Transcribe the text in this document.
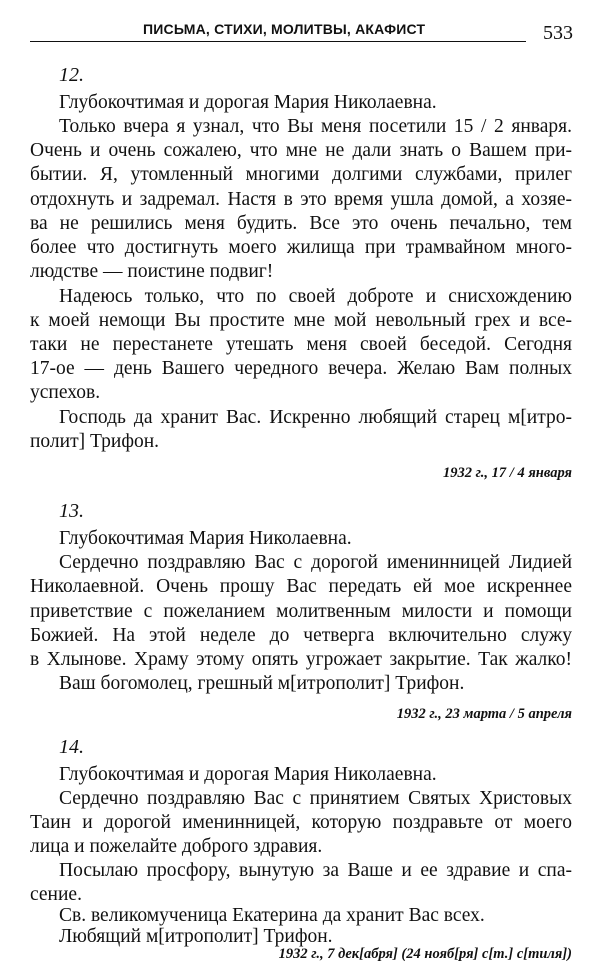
ПИСЬМА, СТИХИ, МОЛИТВЫ, АКАФИСТ	533
12.
Глубокочтимая и дорогая Мария Николаевна.
Только вчера я узнал, что Вы меня посетили 15 / 2 января.
Очень и очень сожалею, что мне не дали знать о Вашем при-
бытии. Я, утомленный многими долгими службами, прилег
отдохнуть и задремал. Настя в это время ушла домой, а хозяе-
ва не решились меня будить. Все это очень печально, тем
более что достигнуть моего жилища при трамвайном много-
людстве — поистине подвиг!
Надеюсь только, что по своей доброте и снисхождению
к моей немощи Вы простите мне мой невольный грех и все-
таки не перестанете утешать меня своей беседой. Сегодня
17-ое — день Вашего чередного вечера. Желаю Вам полных
успехов.
Господь да хранит Вас. Искренно любящий старец м[итро-
полит] Трифон.
1932 г., 17 / 4 января
13.
Глубокочтимая Мария Николаевна.
Сердечно поздравляю Вас с дорогой именинницей Лидией
Николаевной. Очень прошу Вас передать ей мое искреннее
приветствие с пожеланием молитвенным милости и помощи
Божией. На этой неделе до четверга включительно служу
в Хлынове. Храму этому опять угрожает закрытие. Так жалко!
Ваш богомолец, грешный м[итрополит] Трифон.
1932 г., 23 марта / 5 апреля
14.
Глубокочтимая и дорогая Мария Николаевна.
Сердечно поздравляю Вас с принятием Святых Христовых
Таин и дорогой именинницей, которую поздравьте от моего
лица и пожелайте доброго здравия.
Посылаю просфору, вынутую за Ваше и ее здравие и спа-
сение.
Св. великомученица Екатерина да хранит Вас всех.
Любящий м[итрополит] Трифон.
1932 г., 7 дек[абря] (24 нояб[ря] с[т.] с[тиля])
